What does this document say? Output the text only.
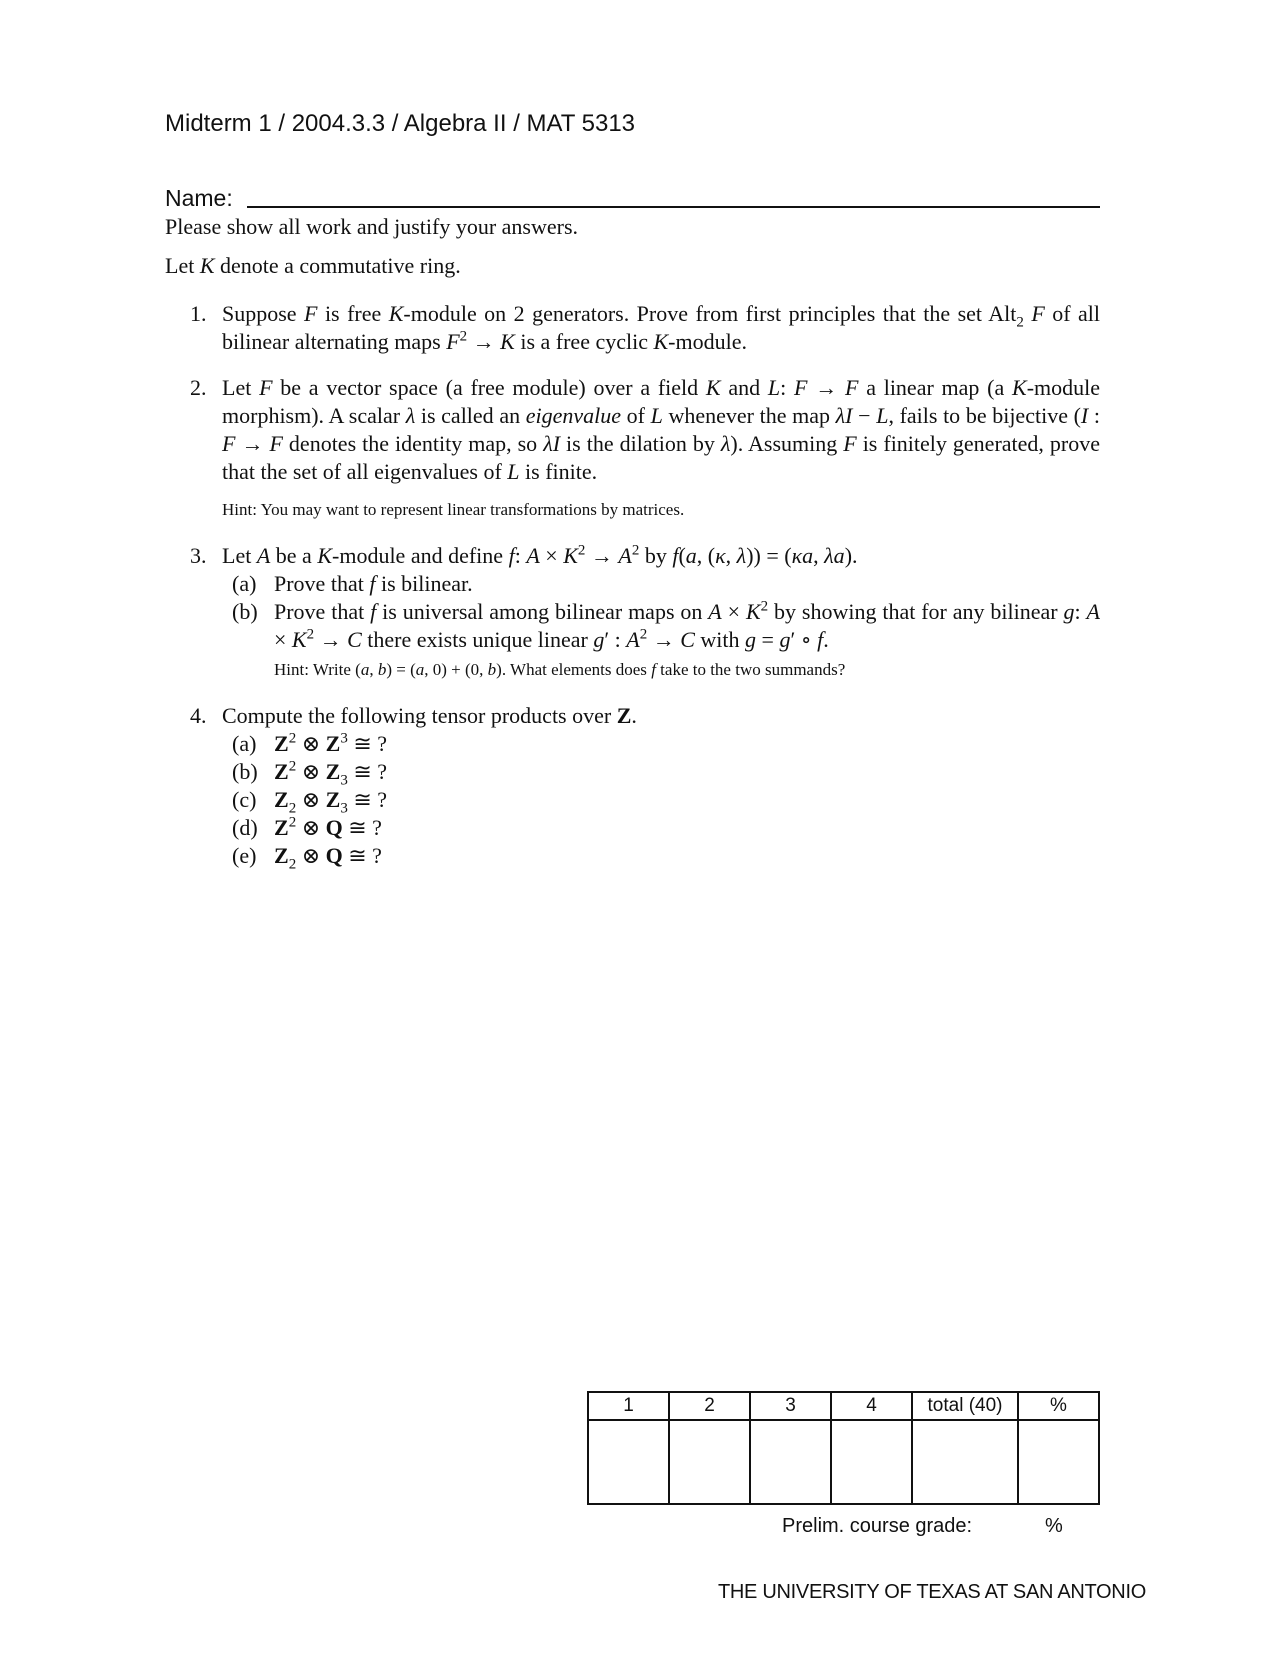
Midterm 1 / 2004.3.3 / Algebra II / MAT 5313
Name:
Please show all work and justify your answers.
Let K denote a commutative ring.
1. Suppose F is free K-module on 2 generators. Prove from first principles that the set Alt$_2$ F of all bilinear alternating maps $F^2 \to K$ is a free cyclic K-module.
2. Let F be a vector space (a free module) over a field K and L: F → F a linear map (a K-module morphism). A scalar λ is called an eigenvalue of L whenever the map λI − L, fails to be bijective (I : F → F denotes the identity map, so λI is the dilation by λ). Assuming F is finitely generated, prove that the set of all eigenvalues of L is finite.
Hint: You may want to represent linear transformations by matrices.
3. Let A be a K-module and define f: $A \times K^2 \to A^2$ by f(a, (κ, λ)) = (κa, λa).
(a) Prove that f is bilinear.
(b) Prove that f is universal among bilinear maps on $A \times K^2$ by showing that for any bilinear g: $A \times K^2 \to C$ there exists unique linear g′ : $A^2 \to C$ with g = g′ ∘ f.
Hint: Write (a, b) = (a, 0) + (0, b). What elements does f take to the two summands?
4. Compute the following tensor products over Z.
(a) $Z^2$ ⊗ $Z^3$ ≅ ?
(b) $Z^2$ ⊗ $Z_3$ ≅ ?
(c) $Z_2$ ⊗ $Z_3$ ≅ ?
(d) $Z^2$ ⊗ Q ≅ ?
(e) $Z_2$ ⊗ Q ≅ ?
1	2	3	4	total (40)	%

Prelim. course grade:	%
THE UNIVERSITY OF TEXAS AT SAN ANTONIO
